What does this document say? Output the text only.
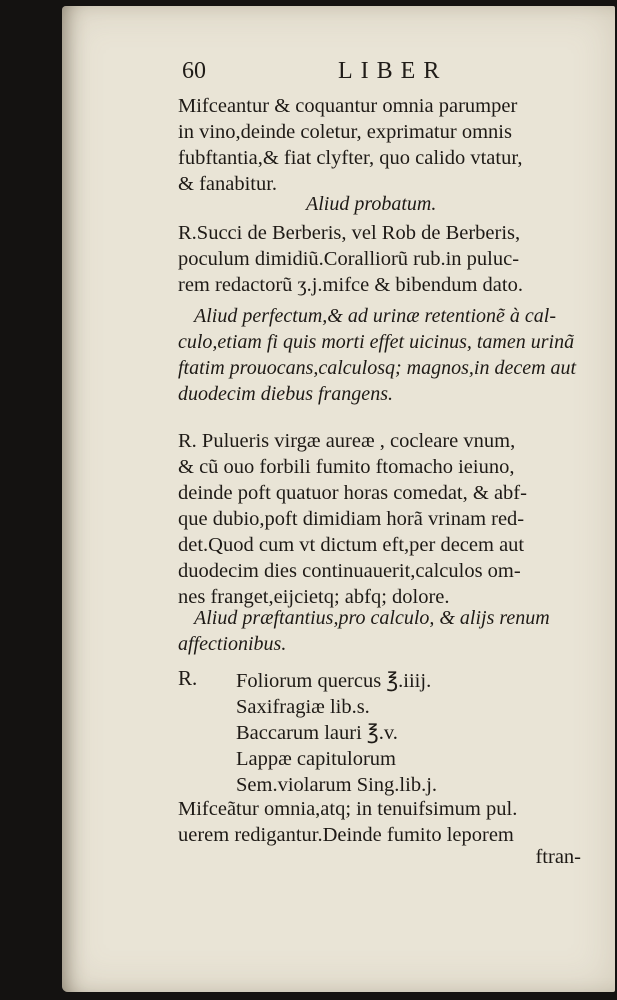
60	LIBER
Mifceantur & coquantur omnia parumper
in vino,deinde coletur, exprimatur omnis
fubftantia,& fiat clyfter, quo calido vtatur,
& fanabitur.
Aliud probatum.
R.Succi de Berberis, vel Rob de Berberis,
poculum dimidiũ.Coralliorũ rub.in puluc-
rem redactorũ ʒ.j.mifce & bibendum dato.
Aliud perfectum,& ad urinæ retentionẽ à cal-
culo,etiam fi quis morti effet uicinus, tamen urinã
ftatim prouocans,calculosq; magnos,in decem aut
duodecim diebus frangens.
R. Pulueris virgæ aureæ , cocleare vnum,
& cũ ouo forbili fumito ftomacho ieiuno,
deinde poft quatuor horas comedat, & abf-
que dubio,poft dimidiam horã vrinam red-
det.Quod cum vt dictum eft,per decem aut
duodecim dies continuauerit,calculos om-
nes franget,eijcietq; abfq; dolore.
Aliud præftantius,pro calculo, & alijs renum
affectionibus.
R. Foliorum quercus ℥.iiij.
Saxifragiæ lib.s.
Baccarum lauri ℥.v.
Lappæ capitulorum
Sem.violarum Sing.lib.j.
Mifceãtur omnia,atq; in tenuifsimum pul.
uerem redigantur.Deinde fumito leporem
ftran-
